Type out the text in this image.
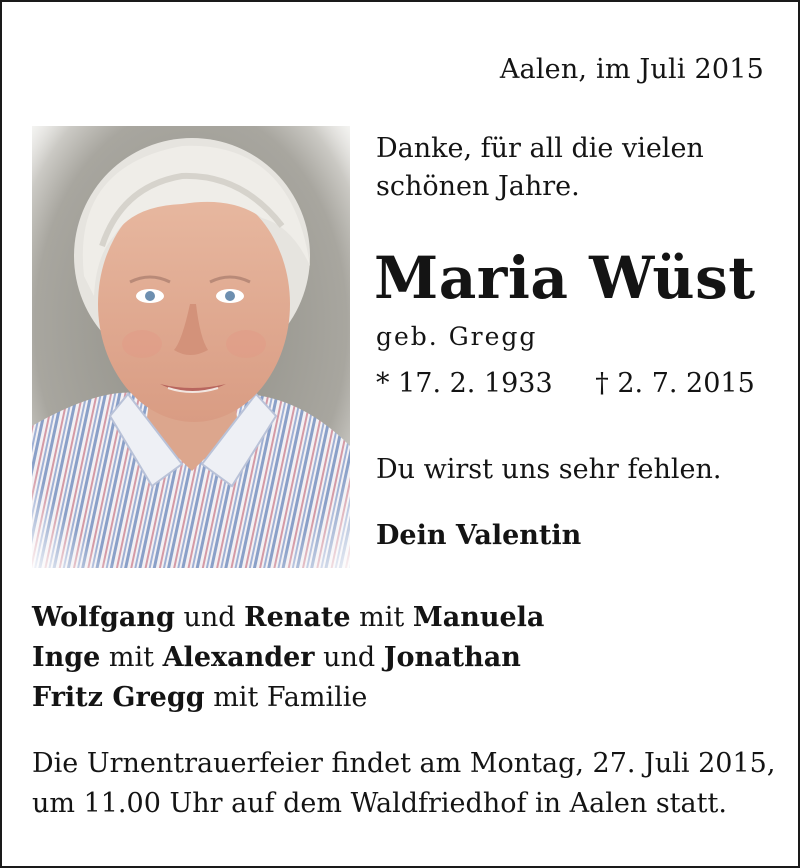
Aalen, im Juli 2015
Danke, für all die vielen
schönen Jahre.
Maria Wüst
geb. Gregg
* 17. 2. 1933 † 2. 7. 2015
Du wirst uns sehr fehlen.
Dein Valentin
Wolfgang und Renate mit Manuela
Inge mit Alexander und Jonathan
Fritz Gregg mit Familie
Die Urnentrauerfeier findet am Montag, 27. Juli 2015,
um 11.00 Uhr auf dem Waldfriedhof in Aalen statt.
